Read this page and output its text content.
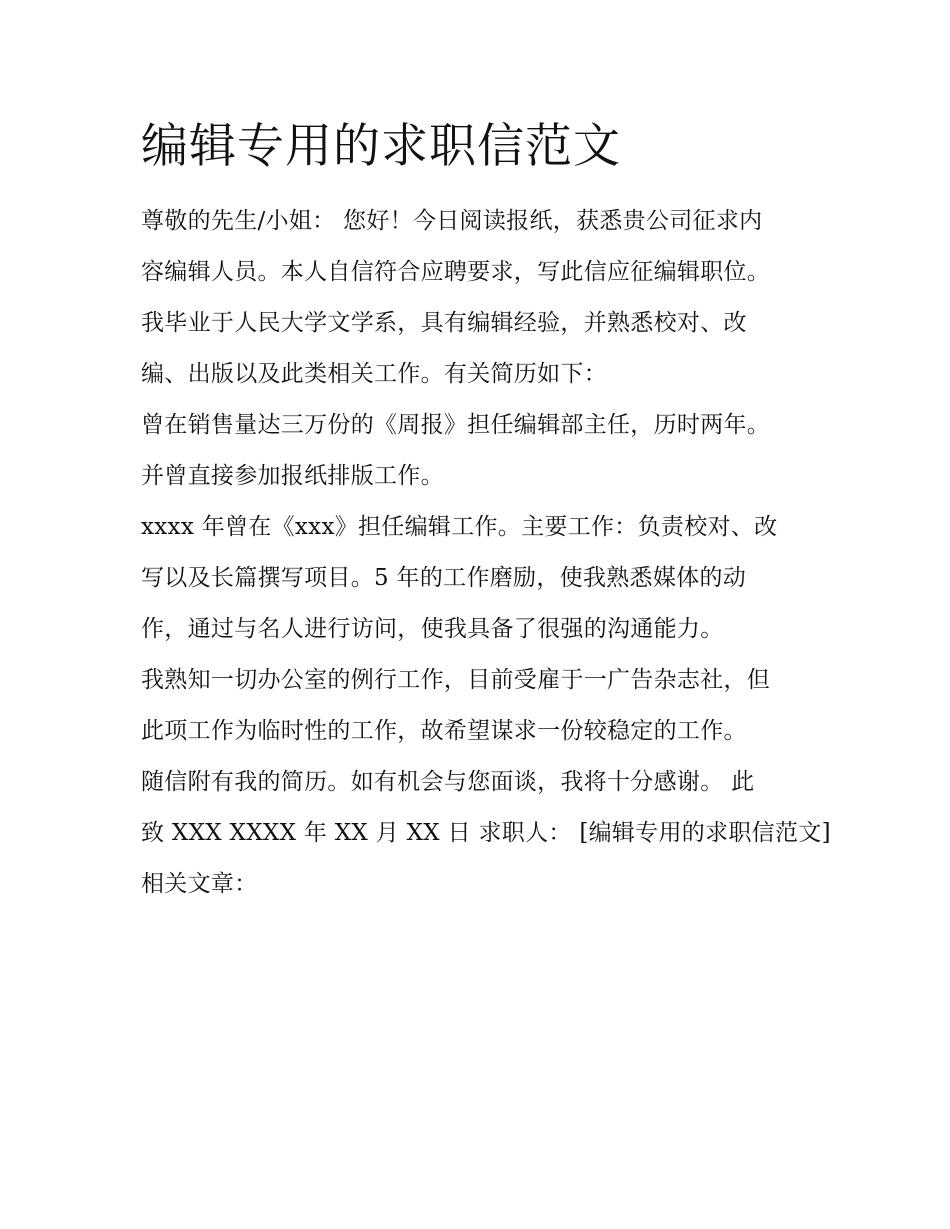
编辑专用的求职信范文
尊敬的先生/小姐： 您好！今日阅读报纸，获悉贵公司征求内
容编辑人员。本人自信符合应聘要求，写此信应征编辑职位。
我毕业于人民大学文学系，具有编辑经验，并熟悉校对、改
编、出版以及此类相关工作。有关简历如下：
曾在销售量达三万份的《周报》担任编辑部主任，历时两年。
并曾直接参加报纸排版工作。
xxxx 年曾在《xxx》担任编辑工作。主要工作：负责校对、改
写以及长篇撰写项目。5 年的工作磨励，使我熟悉媒体的动
作，通过与名人进行访问，使我具备了很强的沟通能力。
我熟知一切办公室的例行工作，目前受雇于一广告杂志社，但
此项工作为临时性的工作，故希望谋求一份较稳定的工作。
随信附有我的简历。如有机会与您面谈，我将十分感谢。 此
致 XXX XXXX 年 XX 月 XX 日 求职人： [编辑专用的求职信范文]
相关文章：
